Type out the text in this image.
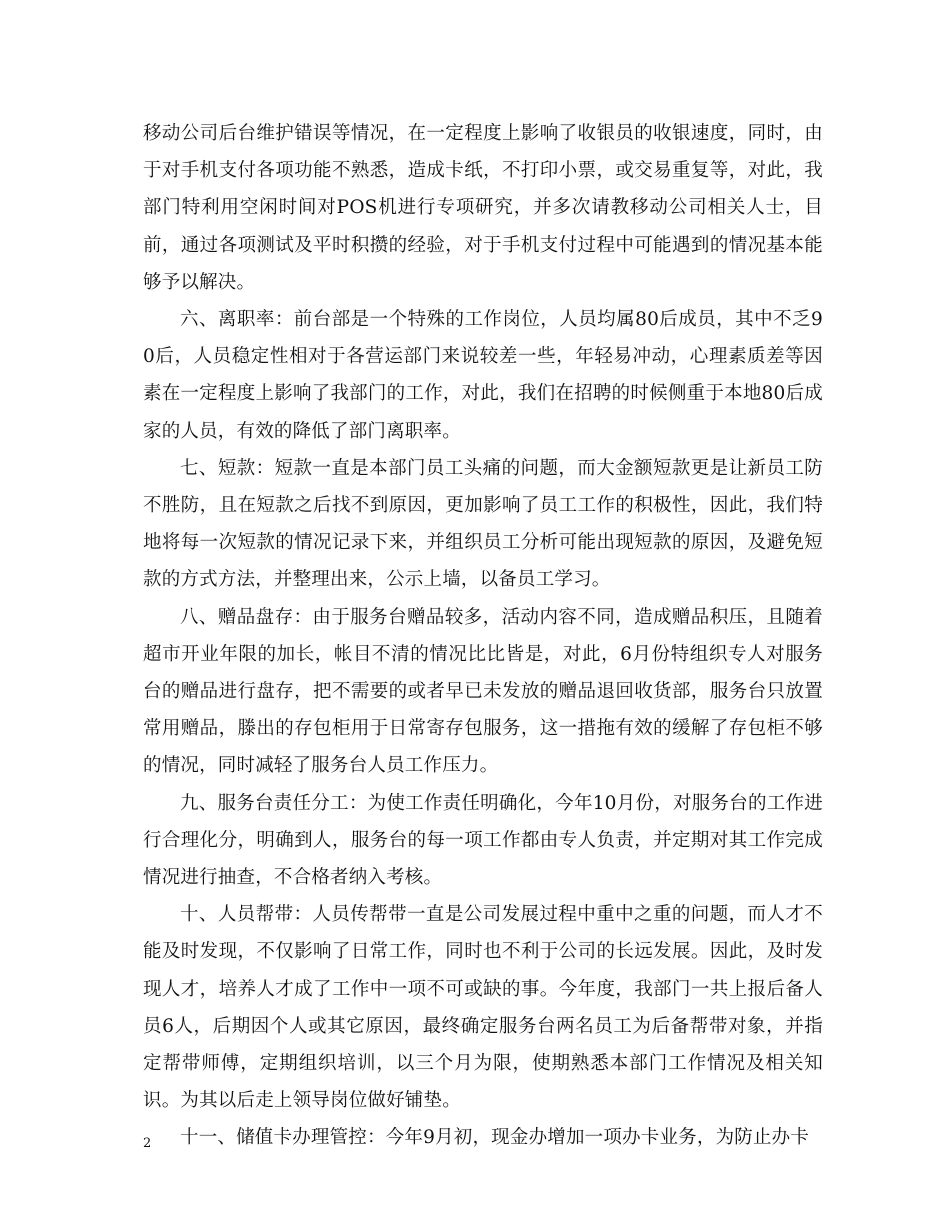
移动公司后台维护错误等情况，在一定程度上影响了收银员的收银速度，同时，由于对手机支付各项功能不熟悉，造成卡纸，不打印小票，或交易重复等，对此，我部门特利用空闲时间对POS机进行专项研究，并多次请教移动公司相关人士，目前，通过各项测试及平时积攒的经验，对于手机支付过程中可能遇到的情况基本能够予以解决。

六、离职率：前台部是一个特殊的工作岗位，人员均属80后成员，其中不乏90后，人员稳定性相对于各营运部门来说较差一些，年轻易冲动，心理素质差等因素在一定程度上影响了我部门的工作，对此，我们在招聘的时候侧重于本地80后成家的人员，有效的降低了部门离职率。

七、短款：短款一直是本部门员工头痛的问题，而大金额短款更是让新员工防不胜防，且在短款之后找不到原因，更加影响了员工工作的积极性，因此，我们特地将每一次短款的情况记录下来，并组织员工分析可能出现短款的原因，及避免短款的方式方法，并整理出来，公示上墙，以备员工学习。

八、赠品盘存：由于服务台赠品较多，活动内容不同，造成赠品积压，且随着超市开业年限的加长，帐目不清的情况比比皆是，对此，6月份特组织专人对服务台的赠品进行盘存，把不需要的或者早已未发放的赠品退回收货部，服务台只放置常用赠品，滕出的存包柜用于日常寄存包服务，这一措拖有效的缓解了存包柜不够的情况，同时减轻了服务台人员工作压力。

九、服务台责任分工：为使工作责任明确化，今年10月份，对服务台的工作进行合理化分，明确到人，服务台的每一项工作都由专人负责，并定期对其工作完成情况进行抽查，不合格者纳入考核。

十、人员帮带：人员传帮带一直是公司发展过程中重中之重的问题，而人才不能及时发现，不仅影响了日常工作，同时也不利于公司的长远发展。因此，及时发现人才，培养人才成了工作中一项不可或缺的事。今年度，我部门一共上报后备人员6人，后期因个人或其它原因，最终确定服务台两名员工为后备帮带对象，并指定帮带师傅，定期组织培训，以三个月为限，使期熟悉本部门工作情况及相关知识。为其以后走上领导岗位做好铺垫。

十一、储值卡办理管控：今年9月初，现金办增加一项办卡业务，为防止办卡

2
